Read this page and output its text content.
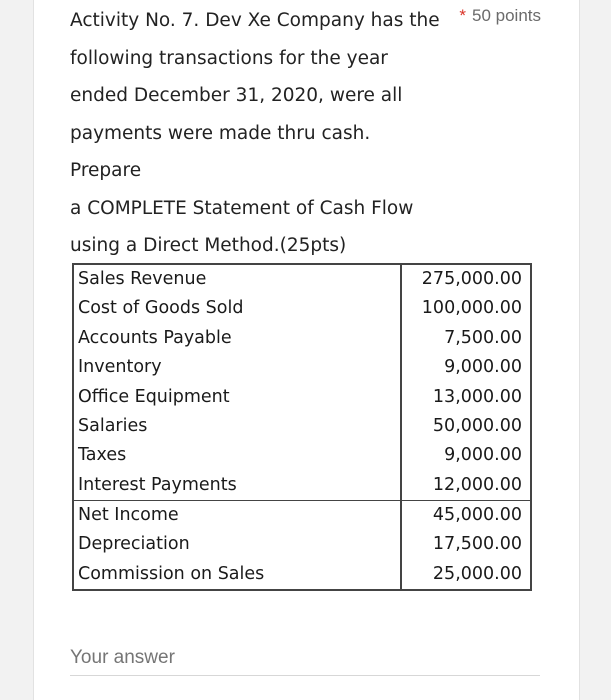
Activity No. 7. Dev Xe Company has the
following transactions for the year
ended December 31, 2020, were all
payments were made thru cash. Prepare
a COMPLETE Statement of Cash Flow
using a Direct Method.(25pts)

* 50 points
Sales Revenue	275,000.00
Cost of Goods Sold	100,000.00
Accounts Payable	7,500.00
Inventory	9,000.00
Office Equipment	13,000.00
Salaries	50,000.00
Taxes	9,000.00
Interest Payments	12,000.00
Net Income	45,000.00
Depreciation	17,500.00
Commission on Sales	25,000.00
Your answer
